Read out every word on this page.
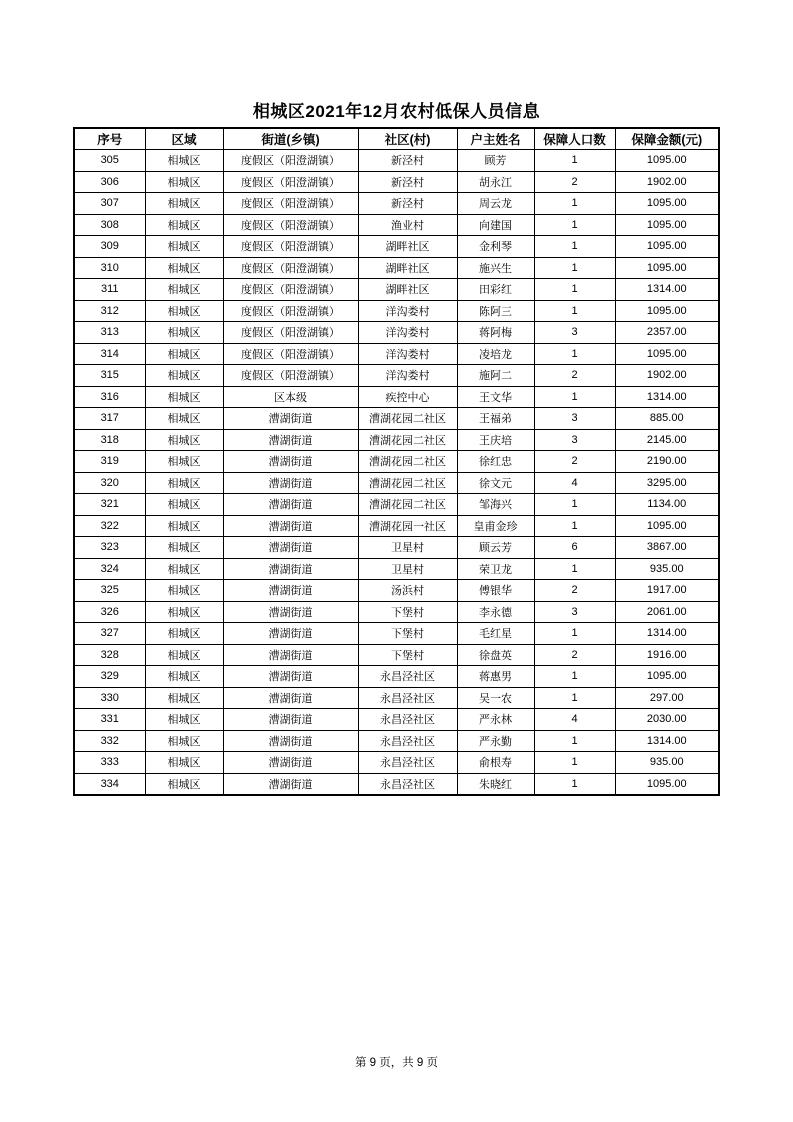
相城区2021年12月农村低保人员信息
序号	区域	街道(乡镇)	社区(村)	户主姓名	保障人口数	保障金额(元)
305	相城区	度假区（阳澄湖镇）	新泾村	顾芳	1	1095.00
306	相城区	度假区（阳澄湖镇）	新泾村	胡永江	2	1902.00
307	相城区	度假区（阳澄湖镇）	新泾村	周云龙	1	1095.00
308	相城区	度假区（阳澄湖镇）	渔业村	向建国	1	1095.00
309	相城区	度假区（阳澄湖镇）	湖畔社区	金利琴	1	1095.00
310	相城区	度假区（阳澄湖镇）	湖畔社区	施兴生	1	1095.00
311	相城区	度假区（阳澄湖镇）	湖畔社区	田彩红	1	1314.00
312	相城区	度假区（阳澄湖镇）	洋沟娄村	陈阿三	1	1095.00
313	相城区	度假区（阳澄湖镇）	洋沟娄村	蒋阿梅	3	2357.00
314	相城区	度假区（阳澄湖镇）	洋沟娄村	凌培龙	1	1095.00
315	相城区	度假区（阳澄湖镇）	洋沟娄村	施阿二	2	1902.00
316	相城区	区本级	疾控中心	王文华	1	1314.00
317	相城区	漕湖街道	漕湖花园二社区	王福弟	3	885.00
318	相城区	漕湖街道	漕湖花园二社区	王庆培	3	2145.00
319	相城区	漕湖街道	漕湖花园二社区	徐红忠	2	2190.00
320	相城区	漕湖街道	漕湖花园二社区	徐文元	4	3295.00
321	相城区	漕湖街道	漕湖花园二社区	邹海兴	1	1134.00
322	相城区	漕湖街道	漕湖花园一社区	皇甫金珍	1	1095.00
323	相城区	漕湖街道	卫星村	顾云芳	6	3867.00
324	相城区	漕湖街道	卫星村	荣卫龙	1	935.00
325	相城区	漕湖街道	汤浜村	傅银华	2	1917.00
326	相城区	漕湖街道	下堡村	李永德	3	2061.00
327	相城区	漕湖街道	下堡村	毛红星	1	1314.00
328	相城区	漕湖街道	下堡村	徐盘英	2	1916.00
329	相城区	漕湖街道	永昌泾社区	蒋惠男	1	1095.00
330	相城区	漕湖街道	永昌泾社区	吴一农	1	297.00
331	相城区	漕湖街道	永昌泾社区	严永林	4	2030.00
332	相城区	漕湖街道	永昌泾社区	严永勤	1	1314.00
333	相城区	漕湖街道	永昌泾社区	俞根寿	1	935.00
334	相城区	漕湖街道	永昌泾社区	朱晓红	1	1095.00
第 9 页，共 9 页
